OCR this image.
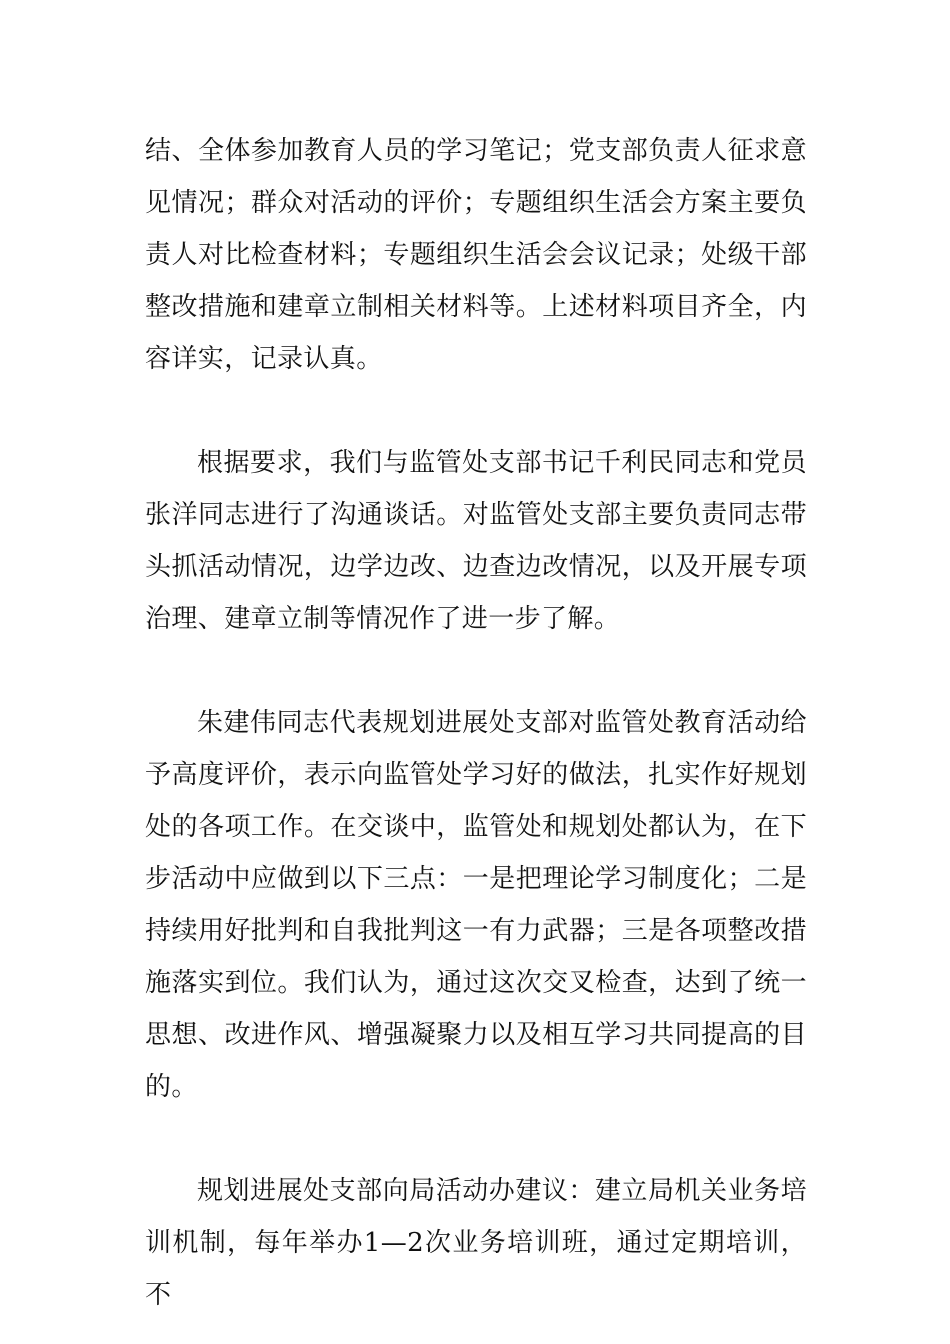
结、全体参加教育人员的学习笔记；党支部负责人征求意见情况；群众对活动的评价；专题组织生活会方案主要负责人对比检查材料；专题组织生活会会议记录；处级干部整改措施和建章立制相关材料等。上述材料项目齐全，内容详实，记录认真。

根据要求，我们与监管处支部书记千利民同志和党员张洋同志进行了沟通谈话。对监管处支部主要负责同志带头抓活动情况，边学边改、边查边改情况，以及开展专项治理、建章立制等情况作了进一步了解。

朱建伟同志代表规划进展处支部对监管处教育活动给予高度评价，表示向监管处学习好的做法，扎实作好规划处的各项工作。在交谈中，监管处和规划处都认为，在下步活动中应做到以下三点：一是把理论学习制度化；二是持续用好批判和自我批判这一有力武器；三是各项整改措施落实到位。我们认为，通过这次交叉检查，达到了统一思想、改进作风、增强凝聚力以及相互学习共同提高的目的。

规划进展处支部向局活动办建议：建立局机关业务培训机制，每年举办1—2次业务培训班，通过定期培训，不
